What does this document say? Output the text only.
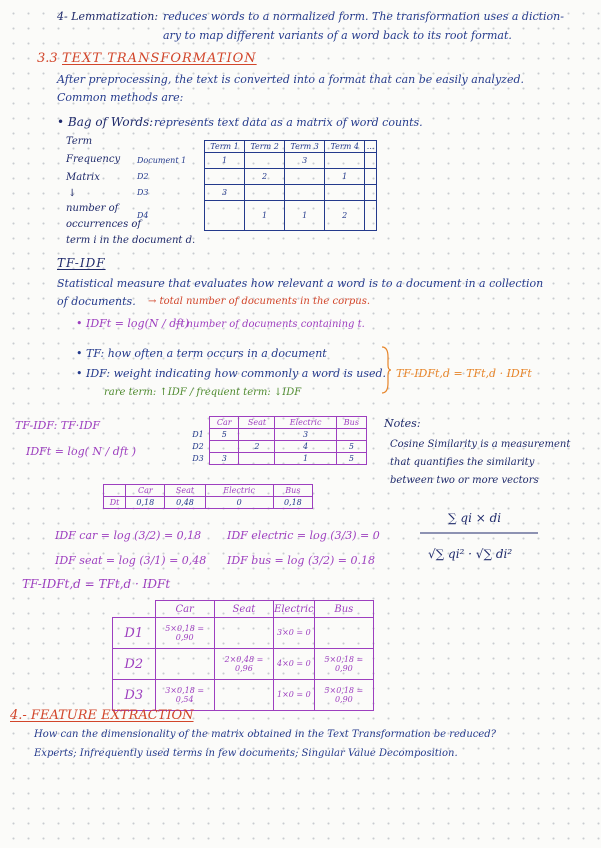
4- Lemmatization: reduces words to a normalized form. The transformation uses a diction-
ary to map different variants of a word back to its root format.
3.3 TEXT TRANSFORMATION
After preprocessing, the text is converted into a format that can be easily analyzed.
Common methods are:
• Bag of Words: represents text data as a matrix of word counts.
Term
Frequency
Matrix
↓
number of
occurrences of
term i in the document d.
	Term 1	Term 2	Term 3	Term 4	...
Document 1	1		3		
D2		2		1	
D3	3				
D4		1	1	2	
TF-IDF
Statistical measure that evaluates how relevant a word is to a document in a collection
of documents. → total number of documents in the corpus.
• IDFt = log(N / dft)
→ number of documents containing t.
• TF: how often a term occurs in a document
• IDF: weight indicating how commonly a word is used. TF-IDFt,d = TFt,d · IDFt
rare term: ↑IDF / frequent term: ↓IDF
TF-IDF: TF·IDF
IDFt = log( N / dft )
	Car	Seat	Electric	Bus
D1	5		3	
D2		2	4	5
D3	3		1	5
	Car	Seat	Electric	Bus
Dt	0,18	0,48	0	0,18
IDF car = log (3/2) = 0,18 IDF electric = log (3/3) = 0
IDF seat = log (3/1) = 0,48 IDF bus = log (3/2) = 0.18
TF-IDFt,d = TFt,d · IDFt
	Car	Seat	Electric	Bus
D1	5×0,18 = 0,90		3×0 = 0	
D2		2×0,48 = 0,96	4×0 = 0	5×0,18 = 0,90
D3	3×0,18 = 0,54		1×0 = 0	5×0,18 = 0,90
Notes:
Cosine Similarity is a measurement
that quantifies the similarity
between two or more vectors
∑ qi × di
√∑ qi² · √∑ di²
4.- FEATURE EXTRACTION
How can the dimensionality of the matrix obtained in the Text Transformation be reduced?
Experts; Infrequently used terms in few documents; Singular Value Decomposition.
